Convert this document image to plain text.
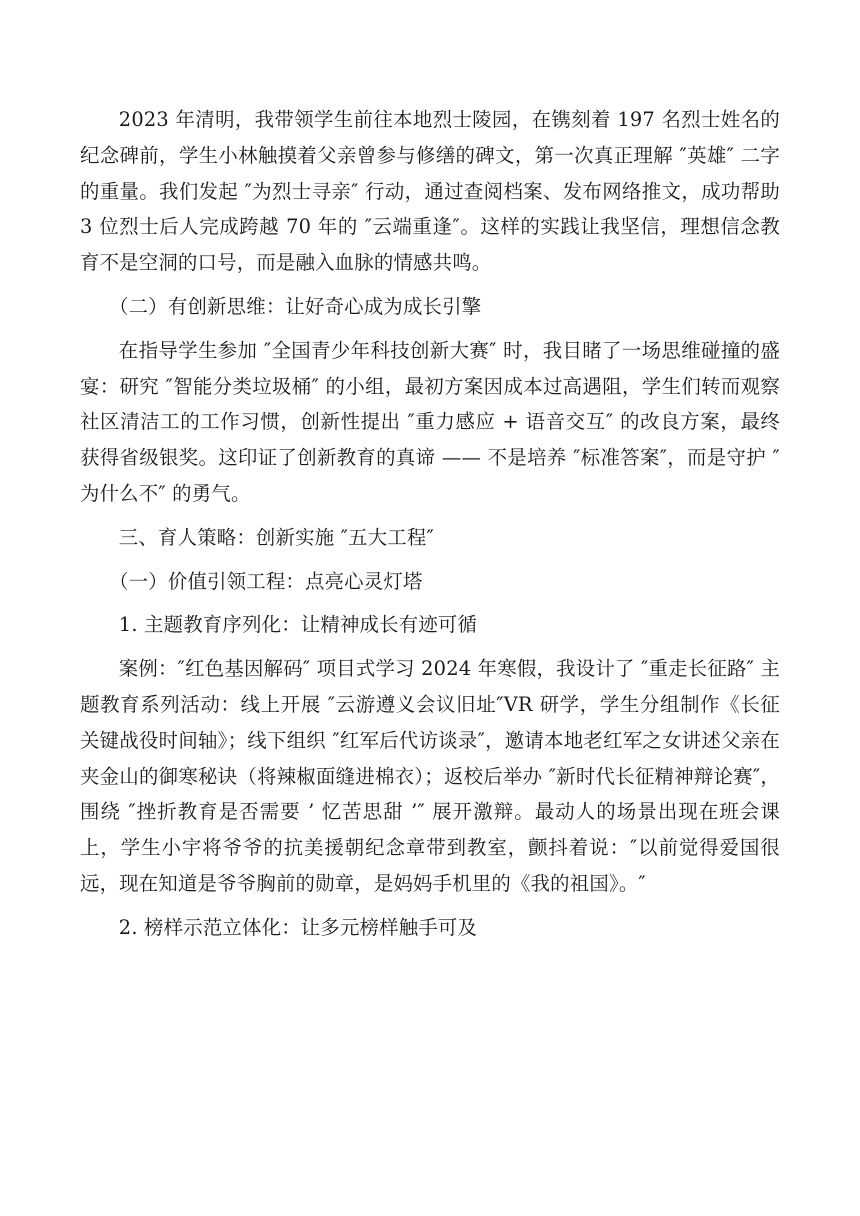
2023 年清明，我带领学生前往本地烈士陵园，在镌刻着 197 名烈士姓名的纪念碑前，学生小林触摸着父亲曾参与修缮的碑文，第一次真正理解 ″英雄″ 二字的重量。我们发起 ″为烈士寻亲″ 行动，通过查阅档案、发布网络推文，成功帮助 3 位烈士后人完成跨越 70 年的 ″云端重逢″。这样的实践让我坚信，理想信念教育不是空洞的口号，而是融入血脉的情感共鸣。

（二）有创新思维：让好奇心成为成长引擎

在指导学生参加 ″全国青少年科技创新大赛″ 时，我目睹了一场思维碰撞的盛宴：研究 ″智能分类垃圾桶″ 的小组，最初方案因成本过高遇阻，学生们转而观察社区清洁工的工作习惯，创新性提出 ″重力感应 + 语音交互″ 的改良方案，最终获得省级银奖。这印证了创新教育的真谛 —— 不是培养 ″标准答案″，而是守护 ″为什么不″ 的勇气。

三、育人策略：创新实施 ″五大工程″

（一）价值引领工程：点亮心灵灯塔

1. 主题教育序列化：让精神成长有迹可循

案例：″红色基因解码″ 项目式学习 2024 年寒假，我设计了 ″重走长征路″ 主题教育系列活动：线上开展 ″云游遵义会议旧址″VR 研学，学生分组制作《长征关键战役时间轴》；线下组织 ″红军后代访谈录″，邀请本地老红军之女讲述父亲在夹金山的御寒秘诀（将辣椒面缝进棉衣）；返校后举办 ″新时代长征精神辩论赛″，围绕 ″挫折教育是否需要 ’ 忆苦思甜 ’″ 展开激辩。最动人的场景出现在班会课上，学生小宇将爷爷的抗美援朝纪念章带到教室，颤抖着说：″以前觉得爱国很远，现在知道是爷爷胸前的勋章，是妈妈手机里的《我的祖国》。″

2. 榜样示范立体化：让多元榜样触手可及
